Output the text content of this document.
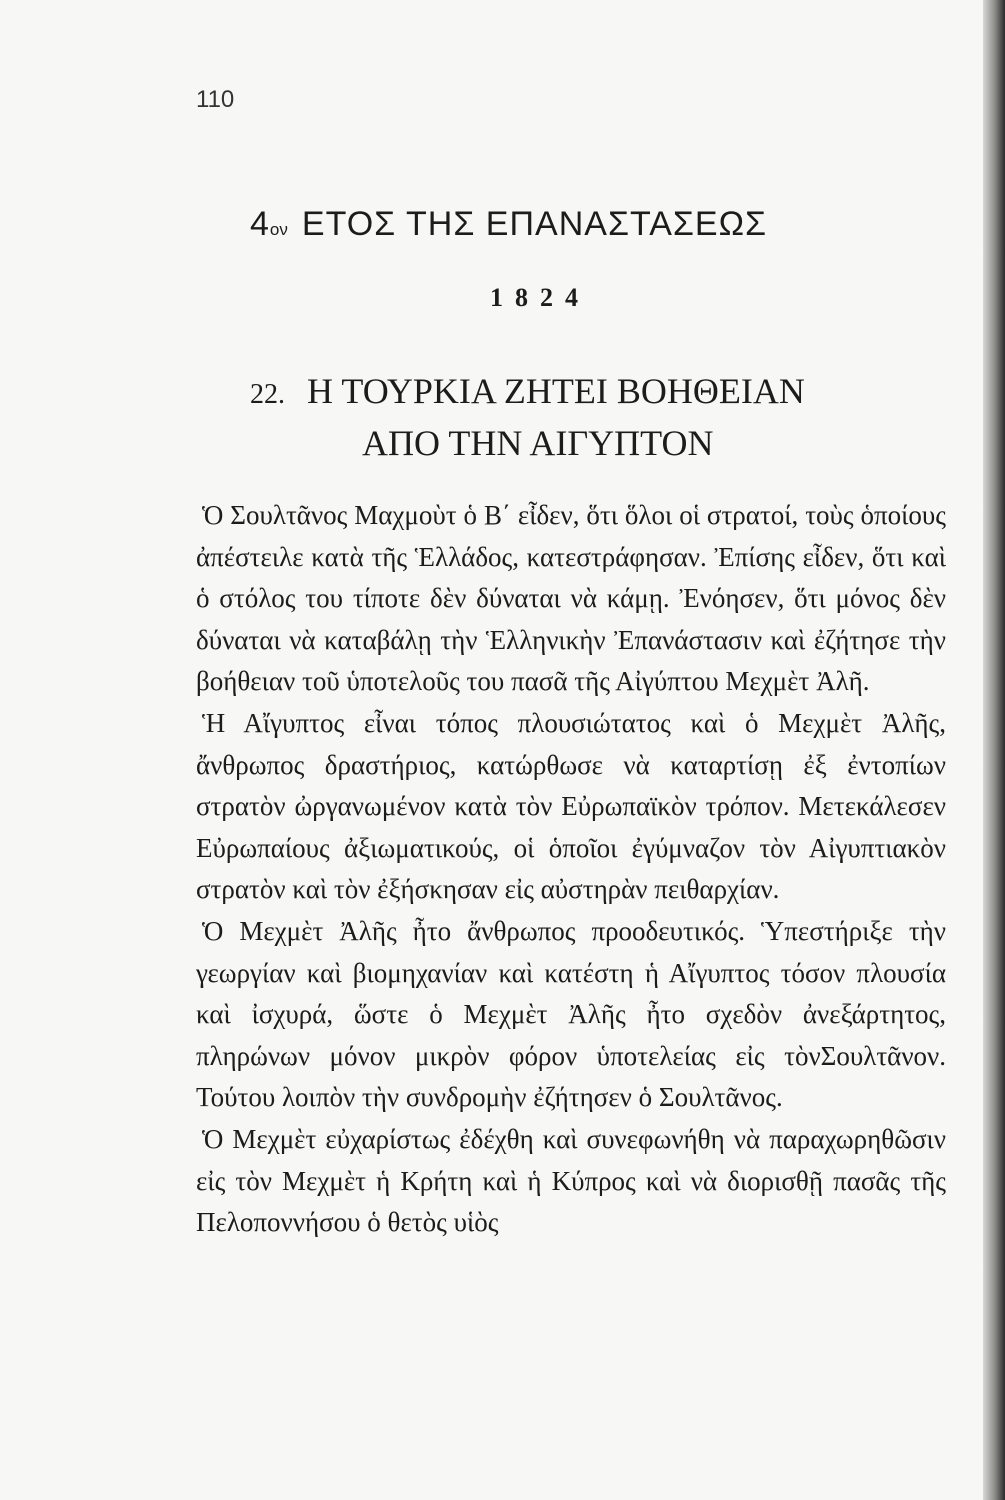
110
4ον ΕΤΟΣ ΤΗΣ ΕΠΑΝΑΣΤΑΣΕΩΣ
1824
22. Η ΤΟΥΡΚΙΑ ΖΗΤΕΙ ΒΟΗΘΕΙΑΝ
ΑΠΟ ΤΗΝ ΑΙΓΥΠΤΟΝ

Ὁ Σουλτᾶνος Μαχμοὺτ ὁ Β΄ εἶδεν, ὅτι ὅλοι οἱ στρατοί, τοὺς ὁποίους ἀπέστειλε κατὰ τῆς Ἑλλάδος, κατεστράφησαν. Ἐπίσης εἶδεν, ὅτι καὶ ὁ στόλος του τίποτε δὲν δύναται νὰ κάμῃ. Ἐνόησεν, ὅτι μόνος δὲν δύναται νὰ καταβάλῃ τὴν Ἑλληνικὴν Ἐπανάστασιν καὶ ἐζήτησε τὴν βοήθειαν τοῦ ὑποτελοῦς του πασᾶ τῆς Αἰγύπτου Μεχμὲτ Ἀλῆ.

Ἡ Αἴγυπτος εἶναι τόπος πλουσιώτατος καὶ ὁ Μεχμὲτ Ἀλῆς, ἄνθρωπος δραστήριος, κατώρθωσε νὰ καταρτίσῃ ἐξ ἐντοπίων στρατὸν ὠργανωμένον κατὰ τὸν Εὐρωπαϊκὸν τρόπον. Μετεκάλεσεν Εὐρωπαίους ἀξιωματικούς, οἱ ὁποῖοι ἐγύμναζον τὸν Αἰγυπτιακὸν στρατὸν καὶ τὸν ἐξήσκησαν εἰς αὐστηρὰν πειθαρχίαν.

Ὁ Μεχμὲτ Ἀλῆς ἦτο ἄνθρωπος προοδευτικός. Ὑπεστήριξε τὴν γεωργίαν καὶ βιομηχανίαν καὶ κατέστη ἡ Αἴγυπτος τόσον πλουσία καὶ ἰσχυρά, ὥστε ὁ Μεχμὲτ Ἀλῆς ἦτο σχεδὸν ἀνεξάρτητος, πληρώνων μόνον μικρὸν φόρον ὑποτελείας εἰς τὸνΣουλτᾶνον. Τούτου λοιπὸν τὴν συνδρομὴν ἐζήτησεν ὁ Σουλτᾶνος.

Ὁ Μεχμὲτ εὐχαρίστως ἐδέχθη καὶ συνεφωνήθη νὰ παραχωρηθῶσιν εἰς τὸν Μεχμὲτ ἡ Κρήτη καὶ ἡ Κύπρος καὶ νὰ διορισθῇ πασᾶς τῆς Πελοποννήσου ὁ θετὸς υἱὸς
